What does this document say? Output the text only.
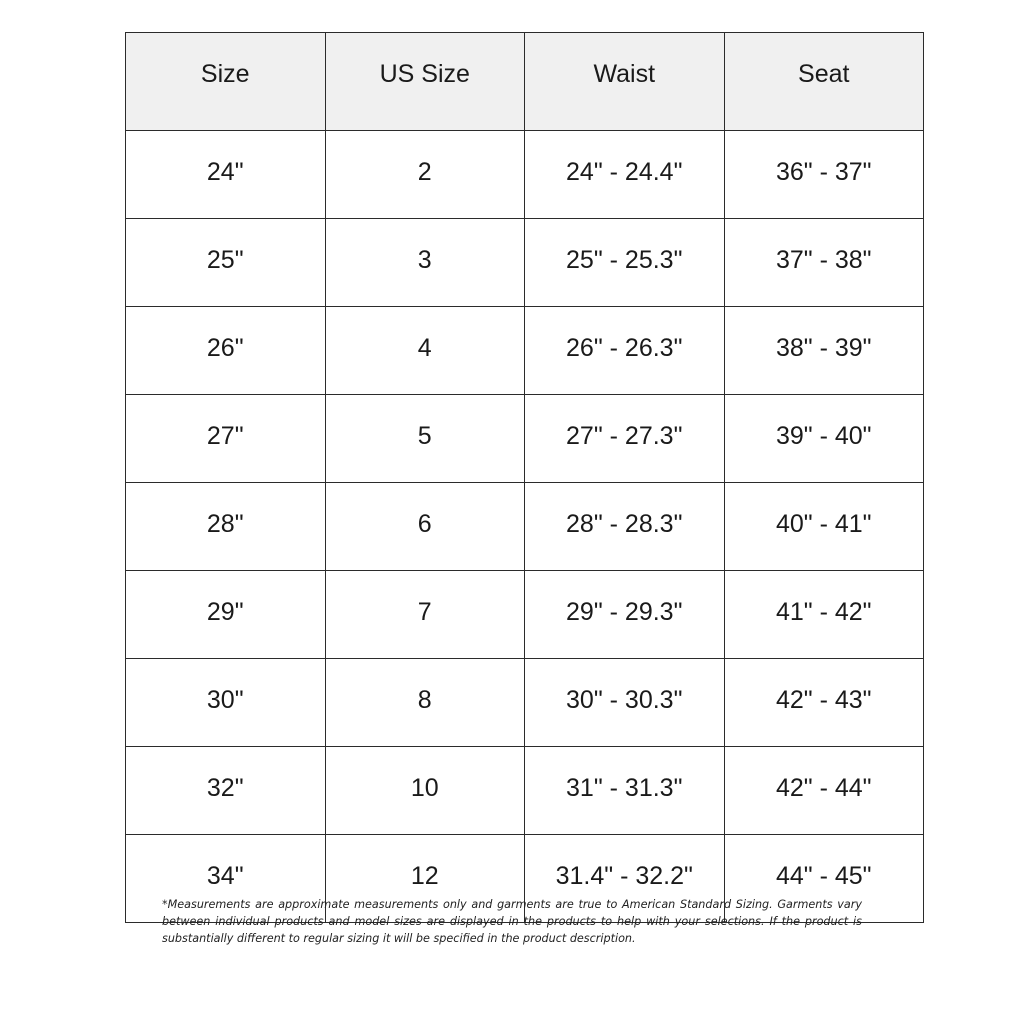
Size	US Size	Waist	Seat
24"	2	24" - 24.4"	36" - 37"
25"	3	25" - 25.3"	37" - 38"
26"	4	26" - 26.3"	38" - 39"
27"	5	27" - 27.3"	39" - 40"
28"	6	28" - 28.3"	40" - 41"
29"	7	29" - 29.3"	41" - 42"
30"	8	30" - 30.3"	42" - 43"
32"	10	31" - 31.3"	42" - 44"
34"	12	31.4" - 32.2"	44" - 45"

*Measurements are approximate measurements only and garments are true to American Standard Sizing. Garments vary between individual products and model sizes are displayed in the products to help with your selections. If the product is substantially different to regular sizing it will be specified in the product description.
